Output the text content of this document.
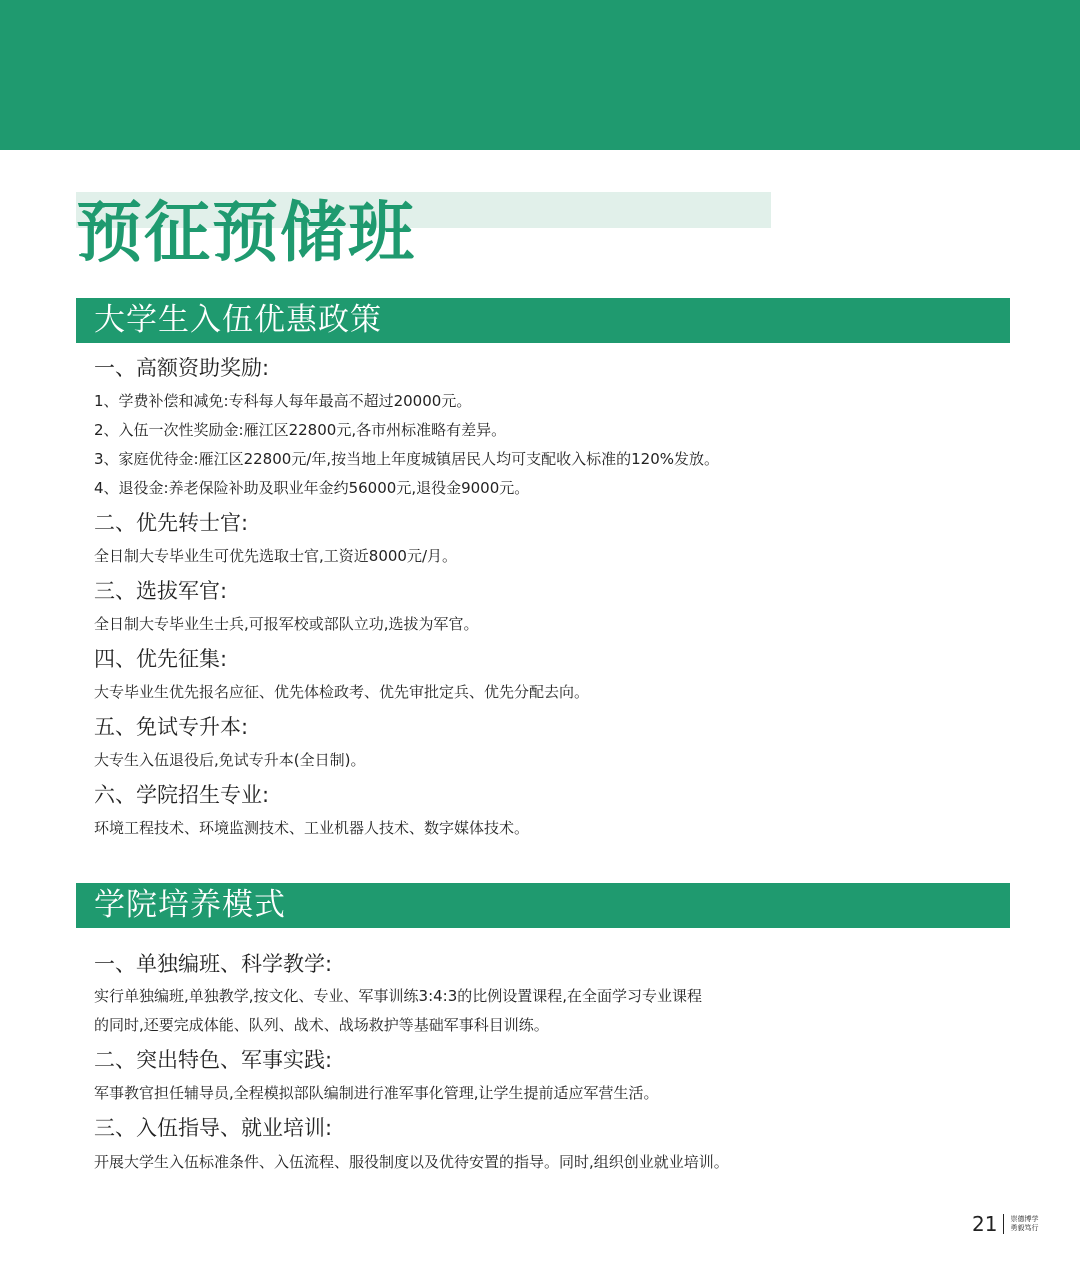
预征预储班
大学生入伍优惠政策
一、高额资助奖励:

1、学费补偿和减免:专科每人每年最高不超过20000元。

2、入伍一次性奖励金:雁江区22800元,各市州标准略有差异。

3、家庭优待金:雁江区22800元/年,按当地上年度城镇居民人均可支配收入标准的120%发放。

4、退役金:养老保险补助及职业年金约56000元,退役金9000元。

二、优先转士官:

全日制大专毕业生可优先选取士官,工资近8000元/月。

三、选拔军官:

全日制大专毕业生士兵,可报军校或部队立功,选拔为军官。

四、优先征集:

大专毕业生优先报名应征、优先体检政考、优先审批定兵、优先分配去向。

五、免试专升本:

大专生入伍退役后,免试专升本(全日制)。

六、学院招生专业:

环境工程技术、环境监测技术、工业机器人技术、数字媒体技术。

学院培养模式
一、单独编班、科学教学:

实行单独编班,单独教学,按文化、专业、军事训练3:4:3的比例设置课程,在全面学习专业课程

的同时,还要完成体能、队列、战术、战场救护等基础军事科目训练。

二、突出特色、军事实践:

军事教官担任辅导员,全程模拟部队编制进行准军事化管理,让学生提前适应军营生活。

三、入伍指导、就业培训:

开展大学生入伍标准条件、入伍流程、服役制度以及优待安置的指导。同时,组织创业就业培训。

21 崇德博学
勇毅笃行
